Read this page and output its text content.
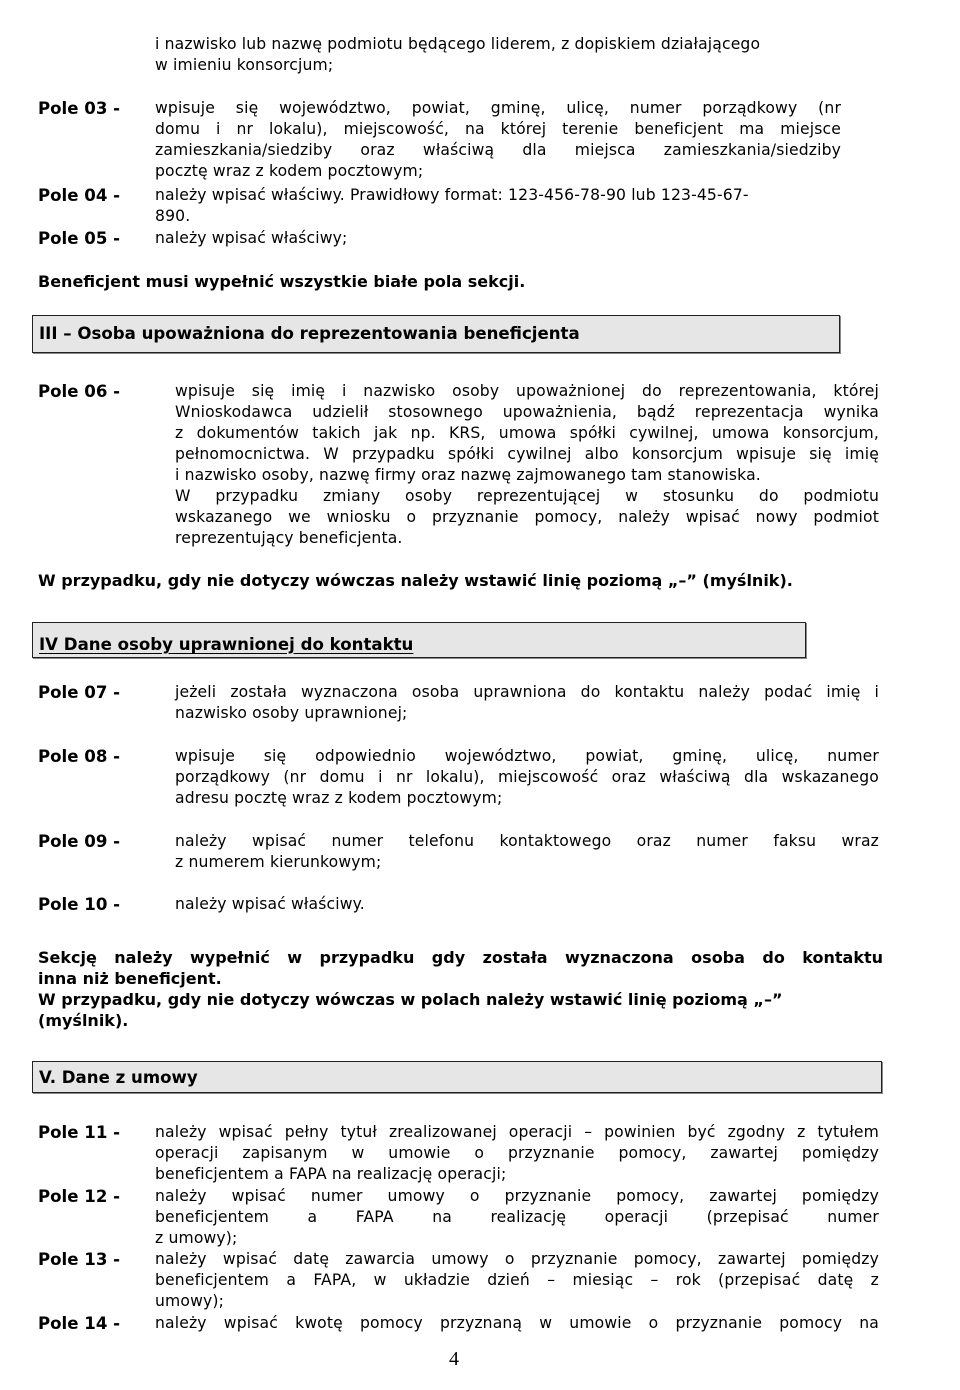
i nazwisko lub nazwę podmiotu będącego liderem, z dopiskiem działającego
w imieniu konsorcjum;
Pole 03 - wpisuje się województwo, powiat, gminę, ulicę, numer porządkowy (nr
domu i nr lokalu), miejscowość, na której terenie beneficjent ma miejsce
zamieszkania/siedziby oraz właściwą dla miejsca zamieszkania/siedziby
pocztę wraz z kodem pocztowym;
Pole 04 - należy wpisać właściwy. Prawidłowy format: 123-456-78-90 lub 123-45-67-
890.
Pole 05 - należy wpisać właściwy;
Beneficjent musi wypełnić wszystkie białe pola sekcji.
III – Osoba upoważniona do reprezentowania beneficjenta
Pole 06 -	wpisuje się imię i nazwisko osoby upoważnionej do reprezentowania, której
Wnioskodawca udzielił stosownego upoważnienia, bądź reprezentacja wynika
z dokumentów takich jak np. KRS, umowa spółki cywilnej, umowa konsorcjum,
pełnomocnictwa. W przypadku spółki cywilnej albo konsorcjum wpisuje się imię
i nazwisko osoby, nazwę firmy oraz nazwę zajmowanego tam stanowiska.
W przypadku zmiany osoby reprezentującej w stosunku do podmiotu
wskazanego we wniosku o przyznanie pomocy, należy wpisać nowy podmiot
reprezentujący beneficjenta.
W przypadku, gdy nie dotyczy wówczas należy wstawić linię poziomą „–” (myślnik).
IV Dane osoby uprawnionej do kontaktu
Pole 07 -	jeżeli została wyznaczona osoba uprawniona do kontaktu należy podać imię i
nazwisko osoby uprawnionej;
Pole 08 -	wpisuje się odpowiednio województwo, powiat, gminę, ulicę, numer
porządkowy (nr domu i nr lokalu), miejscowość oraz właściwą dla wskazanego
adresu pocztę wraz z kodem pocztowym;
Pole 09 -	należy wpisać numer telefonu kontaktowego oraz numer faksu wraz
z numerem kierunkowym;
Pole 10 -	należy wpisać właściwy.
Sekcję należy wypełnić w przypadku gdy została wyznaczona osoba do kontaktu
inna niż beneficjent.
W przypadku, gdy nie dotyczy wówczas w polach należy wstawić linię poziomą „–”
(myślnik).
V. Dane z umowy
Pole 11 - należy wpisać pełny tytuł zrealizowanej operacji – powinien być zgodny z tytułem
operacji zapisanym w umowie o przyznanie pomocy, zawartej pomiędzy
beneficjentem a FAPA na realizację operacji;
Pole 12 - należy wpisać numer umowy o przyznanie pomocy, zawartej pomiędzy
beneficjentem a FAPA na realizację operacji (przepisać numer
z umowy);
Pole 13 - należy wpisać datę zawarcia umowy o przyznanie pomocy, zawartej pomiędzy
beneficjentem a FAPA, w układzie dzień – miesiąc – rok (przepisać datę z
umowy);
Pole 14 - należy wpisać kwotę pomocy przyznaną w umowie o przyznanie pomocy na
4
